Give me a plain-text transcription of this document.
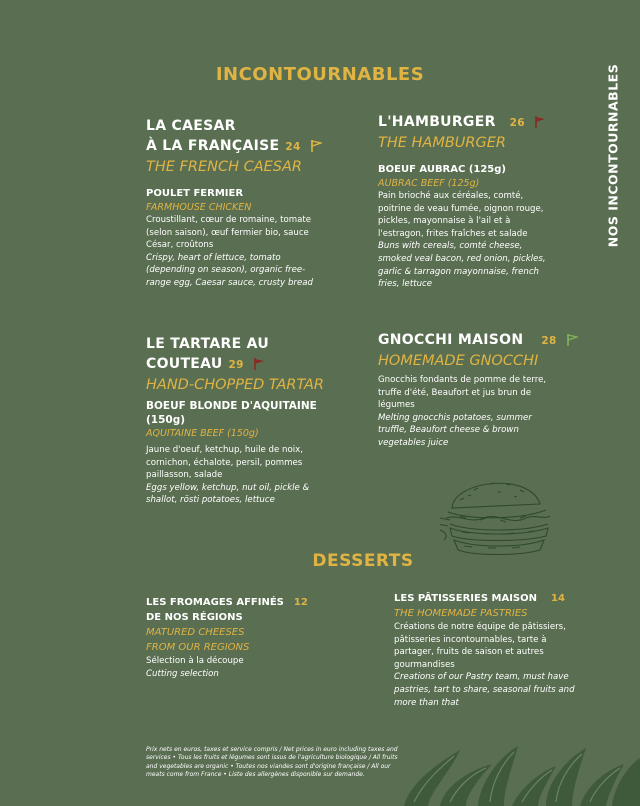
INCONTOURNABLES	NOS INCONTOURNABLES
LA CAESAR
À LA FRANÇAISE 24
THE FRENCH CAESAR
POULET FERMIER
FARMHOUSE CHICKEN
Croustillant, cœur de romaine, tomate (selon saison), œuf fermier bio, sauce César, croûtons
Crispy, heart of lettuce, tomato (depending on season), organic free-range egg, Caesar sauce, crusty bread
L'HAMBURGER 26
THE HAMBURGER
BOEUF AUBRAC (125g)
AUBRAC BEEF (125g)
Pain brioché aux céréales, comté, poitrine de veau fumée, oignon rouge, pickles, mayonnaise à l'ail et à l'estragon, frites fraîches et salade
Buns with cereals, comté cheese, smoked veal bacon, red onion, pickles, garlic & tarragon mayonnaise, french fries, lettuce
LE TARTARE AU
COUTEAU 29
HAND-CHOPPED TARTAR
BOEUF BLONDE D'AQUITAINE (150g)
AQUITAINE BEEF (150g)
Jaune d'oeuf, ketchup, huile de noix, cornichon, échalote, persil, pommes paillasson, salade
Eggs yellow, ketchup, nut oil, pickle & shallot, rösti potatoes, lettuce
GNOCCHI MAISON 28
HOMEMADE GNOCCHI
Gnocchis fondants de pomme de terre, truffe d'été, Beaufort et jus brun de légumes
Melting gnocchis potatoes, summer truffle, Beaufort cheese & brown vegetables juice
DESSERTS
LES FROMAGES AFFINÉS 12
DE NOS RÉGIONS
MATURED CHEESES
FROM OUR REGIONS
Sélection à la découpe
Cutting selection
LES PÂTISSERIES MAISON 14
THE HOMEMADE PASTRIES
Créations de notre équipe de pâtissiers, pâtisseries incontournables, tarte à partager, fruits de saison et autres gourmandises
Creations of our Pastry team, must have pastries, tart to share, seasonal fruits and more than that
Prix nets en euros, taxes et service compris / Net prices in euro including taxes and services • Tous les fruits et légumes sont issus de l'agriculture biologique / All fruits and vegetables are organic • Toutes nos viandes sont d'origine française / All our meats come from France • Liste des allergènes disponible sur demande.
